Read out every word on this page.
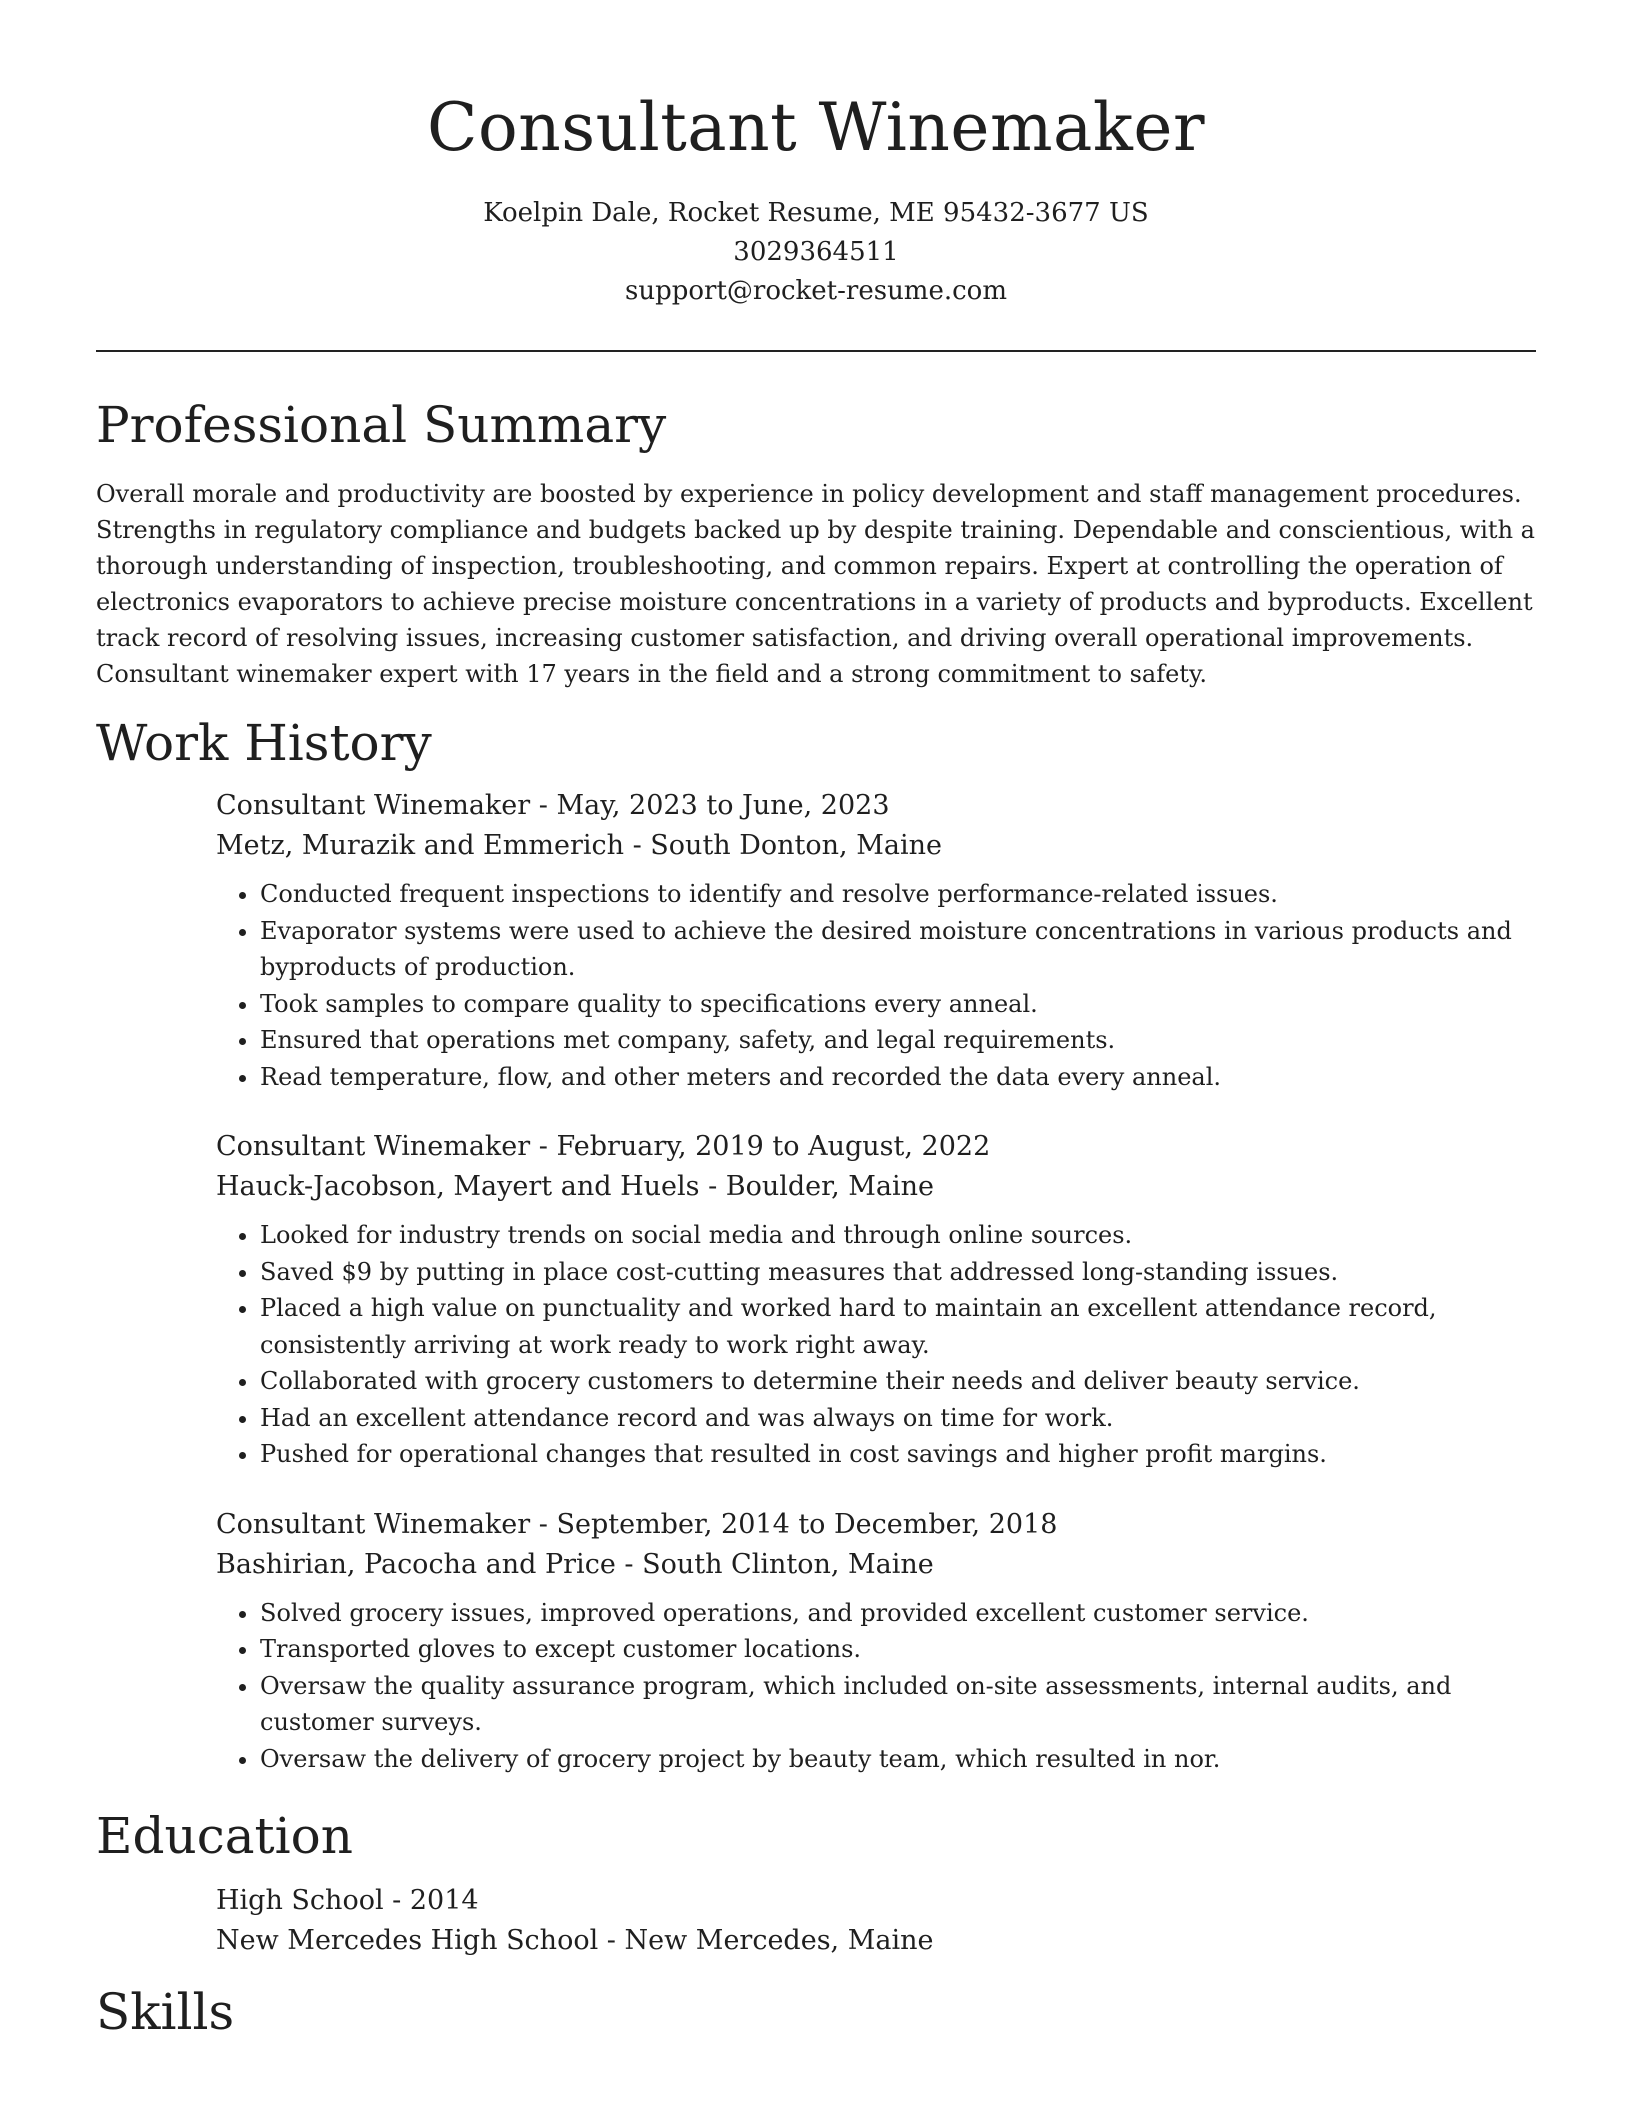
Consultant Winemaker
Koelpin Dale, Rocket Resume, ME 95432-3677 US
3029364511
support@rocket-resume.com
Professional Summary

Overall morale and productivity are boosted by experience in policy development and staff management procedures. Strengths in regulatory compliance and budgets backed up by despite training. Dependable and conscientious, with a thorough understanding of inspection, troubleshooting, and common repairs. Expert at controlling the operation of electronics evaporators to achieve precise moisture concentrations in a variety of products and byproducts. Excellent track record of resolving issues, increasing customer satisfaction, and driving overall operational improvements. Consultant winemaker expert with 17 years in the field and a strong commitment to safety.

Work History
Consultant Winemaker - May, 2023 to June, 2023
Metz, Murazik and Emmerich - South Donton, Maine
• Conducted frequent inspections to identify and resolve performance-related issues.
• Evaporator systems were used to achieve the desired moisture concentrations in various products and byproducts of production.
• Took samples to compare quality to specifications every anneal.
• Ensured that operations met company, safety, and legal requirements.
• Read temperature, flow, and other meters and recorded the data every anneal.
Consultant Winemaker - February, 2019 to August, 2022
Hauck-Jacobson, Mayert and Huels - Boulder, Maine
• Looked for industry trends on social media and through online sources.
• Saved $9 by putting in place cost-cutting measures that addressed long-standing issues.
• Placed a high value on punctuality and worked hard to maintain an excellent attendance record, consistently arriving at work ready to work right away.
• Collaborated with grocery customers to determine their needs and deliver beauty service.
• Had an excellent attendance record and was always on time for work.
• Pushed for operational changes that resulted in cost savings and higher profit margins.
Consultant Winemaker - September, 2014 to December, 2018
Bashirian, Pacocha and Price - South Clinton, Maine
• Solved grocery issues, improved operations, and provided excellent customer service.
• Transported gloves to except customer locations.
• Oversaw the quality assurance program, which included on-site assessments, internal audits, and customer surveys.
• Oversaw the delivery of grocery project by beauty team, which resulted in nor.
Education
High School - 2014
New Mercedes High School - New Mercedes, Maine
Skills
